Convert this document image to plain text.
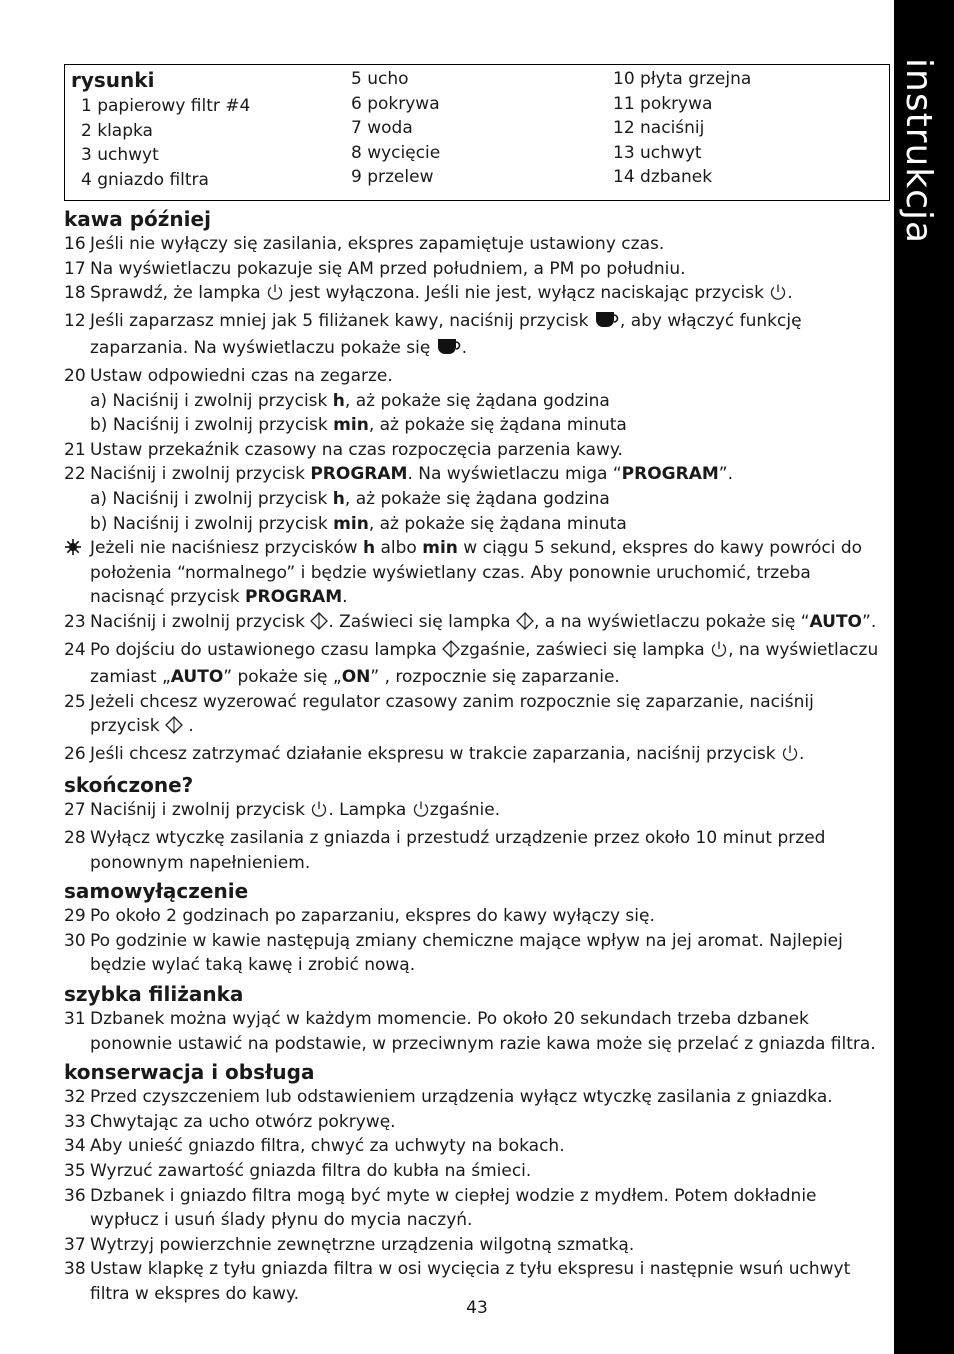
instrukcja
rysunki
1 papierowy filtr #4
2 klapka
3 uchwyt
4 gniazdo filtra
5 ucho
6 pokrywa
7 woda
8 wycięcie
9 przelew
10 płyta grzejna
11 pokrywa
12 naciśnij
13 uchwyt
14 dzbanek
kawa później
16 Jeśli nie wyłączy się zasilania, ekspres zapamiętuje ustawiony czas.
17 Na wyświetlaczu pokazuje się AM przed południem, a PM po południu.
18 Sprawdź, że lampka jest wyłączona. Jeśli nie jest, wyłącz naciskając przycisk .
12 Jeśli zaparzasz mniej jak 5 filiżanek kawy, naciśnij przycisk , aby włączyć funkcję
zaparzania. Na wyświetlaczu pokaże się .
20 Ustaw odpowiedni czas na zegarze.
a) Naciśnij i zwolnij przycisk h, aż pokaże się żądana godzina
b) Naciśnij i zwolnij przycisk min, aż pokaże się żądana minuta
21 Ustaw przekaźnik czasowy na czas rozpoczęcia parzenia kawy.
22 Naciśnij i zwolnij przycisk PROGRAM. Na wyświetlaczu miga “PROGRAM”.
a) Naciśnij i zwolnij przycisk h, aż pokaże się żądana godzina
b) Naciśnij i zwolnij przycisk min, aż pokaże się żądana minuta
Jeżeli nie naciśniesz przycisków h albo min w ciągu 5 sekund, ekspres do kawy powróci do
położenia “normalnego” i będzie wyświetlany czas. Aby ponownie uruchomić, trzeba
nacisnąć przycisk PROGRAM.
23 Naciśnij i zwolnij przycisk . Zaświeci się lampka , a na wyświetlaczu pokaże się “AUTO”.
24 Po dojściu do ustawionego czasu lampka zgaśnie, zaświeci się lampka , na wyświetlaczu
zamiast „AUTO” pokaże się „ON” , rozpocznie się zaparzanie.
25 Jeżeli chcesz wyzerować regulator czasowy zanim rozpocznie się zaparzanie, naciśnij
przycisk .
26 Jeśli chcesz zatrzymać działanie ekspresu w trakcie zaparzania, naciśnij przycisk .
skończone?
27 Naciśnij i zwolnij przycisk . Lampka zgaśnie.
28 Wyłącz wtyczkę zasilania z gniazda i przestudź urządzenie przez około 10 minut przed
ponownym napełnieniem.
samowyłączenie
29 Po około 2 godzinach po zaparzaniu, ekspres do kawy wyłączy się.
30 Po godzinie w kawie następują zmiany chemiczne mające wpływ na jej aromat. Najlepiej
będzie wylać taką kawę i zrobić nową.
szybka filiżanka
31 Dzbanek można wyjąć w każdym momencie. Po około 20 sekundach trzeba dzbanek
ponownie ustawić na podstawie, w przeciwnym razie kawa może się przelać z gniazda filtra.
konserwacja i obsługa
32 Przed czyszczeniem lub odstawieniem urządzenia wyłącz wtyczkę zasilania z gniazdka.
33 Chwytając za ucho otwórz pokrywę.
34 Aby unieść gniazdo filtra, chwyć za uchwyty na bokach.
35 Wyrzuć zawartość gniazda filtra do kubła na śmieci.
36 Dzbanek i gniazdo filtra mogą być myte w ciepłej wodzie z mydłem. Potem dokładnie
wypłucz i usuń ślady płynu do mycia naczyń.
37 Wytrzyj powierzchnie zewnętrzne urządzenia wilgotną szmatką.
38 Ustaw klapkę z tyłu gniazda filtra w osi wycięcia z tyłu ekspresu i następnie wsuń uchwyt
filtra w ekspres do kawy.
43
